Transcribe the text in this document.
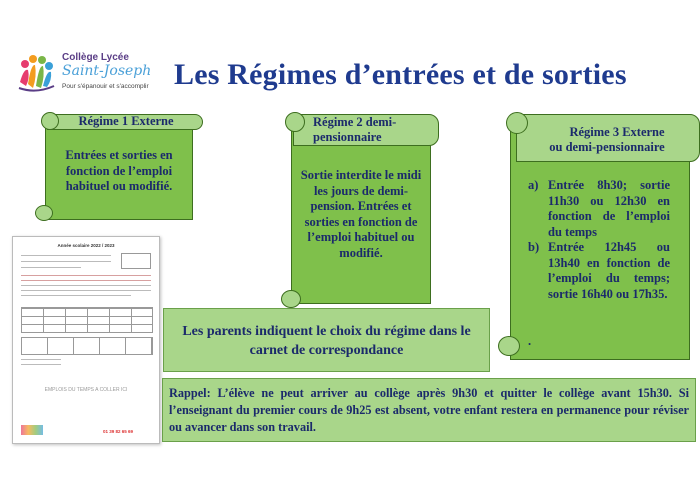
Collège Lycée
Saint-Joseph
Pour s'épanouir et s'accomplir Les Régimes d’entrées et de sorties
Régime 1 Externe
Entrées et sorties en fonction de l’emploi habituel ou modifié.
Régime 2 demi-pensionnaire
Sortie interdite le midi les jours de demi-pension. Entrées et sorties en fonction de l’emploi habituel ou modifié.
Régime 3 Externe
ou demi-pensionnaire
a) Entrée 8h30; sortie 11h30 ou 12h30 en fonction de l’emploi du temps
b) Entrée 12h45 ou 13h40 en fonction de l’emploi du temps; sortie 16h40 ou 17h35.
.
Année scolaire 2022 / 2023
EMPLOIS DU TEMPS A COLLER ICI
01 39 82 65 69
Les parents indiquent le choix du régime dans le carnet de correspondance
Rappel: L’élève ne peut arriver au collège après 9h30 et quitter le collège avant 15h30. Si l’enseignant du premier cours de 9h25 est absent, votre enfant restera en permanence pour réviser ou avancer dans son travail.
